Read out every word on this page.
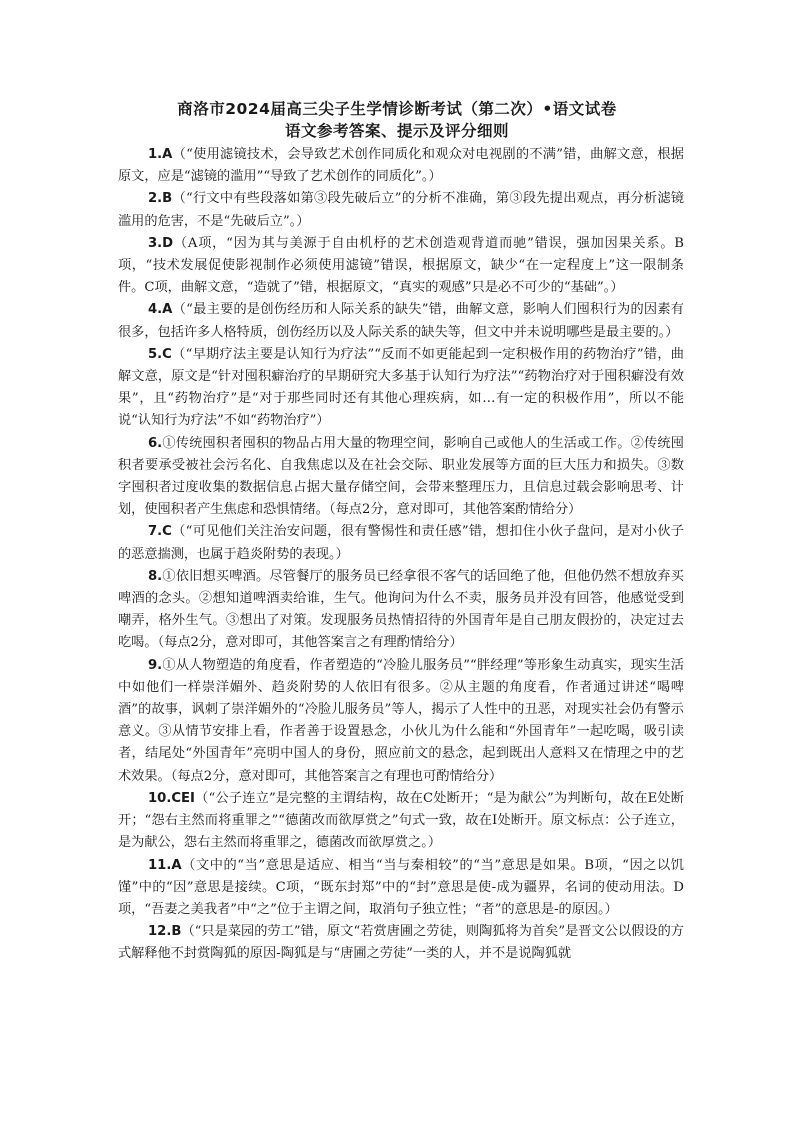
商洛市2024届高三尖子生学情诊断考试（第二次）•语文试卷
语文参考答案、提示及评分细则

1.A（“使用滤镜技术，会导致艺术创作同质化和观众对电视剧的不满”错，曲解文意，根据原文，应是“滤镜的滥用”“导致了艺术创作的同质化”。）

2.B（“行文中有些段落如第③段先破后立”的分析不准确，第③段先提出观点，再分析滤镜滥用的危害，不是“先破后立”。）

3.D（A项，“因为其与美源于自由机杼的艺术创造观背道而驰”错误，强加因果关系。B项，“技术发展促使影视制作必须使用滤镜”错误，根据原文，缺少“在一定程度上”这一限制条件。C项，曲解文意，“造就了”错，根据原文，“真实的观感”只是必不可少的“基础”。）

4.A（“最主要的是创伤经历和人际关系的缺失”错，曲解文意，影响人们囤积行为的因素有很多，包括许多人格特质，创伤经历以及人际关系的缺失等，但文中并未说明哪些是最主要的。）

5.C（“早期疗法主要是认知行为疗法”“反而不如更能起到一定积极作用的药物治疗”错，曲解文意，原文是“针对囤积癖治疗的早期研究大多基于认知行为疗法”“药物治疗对于囤积癖没有效果”，且“药物治疗”是“对于那些同时还有其他心理疾病，如…有一定的积极作用”，所以不能说“认知行为疗法”不如“药物治疗”）

6.①传统囤积者囤积的物品占用大量的物理空间，影响自己或他人的生活或工作。②传统囤积者要承受被社会污名化、自我焦虑以及在社会交际、职业发展等方面的巨大压力和损失。③数字囤积者过度收集的数据信息占据大量存储空间，会带来整理压力，且信息过载会影响思考、计划，使囤积者产生焦虑和恐惧情绪。（每点2分，意对即可，其他答案酌情给分）

7.C（“可见他们关注治安问题，很有警惕性和责任感”错，想扣住小伙子盘问，是对小伙子的恶意揣测，也属于趋炎附势的表现。）

8.①依旧想买啤酒。尽管餐厅的服务员已经拿很不客气的话回绝了他，但他仍然不想放弃买啤酒的念头。②想知道啤酒卖给谁，生气。他询问为什么不卖，服务员并没有回答，他感觉受到嘲弄，格外生气。③想出了对策。发现服务员热情招待的外国青年是自己朋友假扮的，决定过去吃喝。（每点2分，意对即可，其他答案言之有理酌情给分）

9.①从人物塑造的角度看，作者塑造的“冷脸儿服务员”“胖经理”等形象生动真实，现实生活中如他们一样崇洋媚外、趋炎附势的人依旧有很多。②从主题的角度看，作者通过讲述“喝啤酒”的故事，讽刺了崇洋媚外的“冷脸儿服务员”等人，揭示了人性中的丑恶，对现实社会仍有警示意义。③从情节安排上看，作者善于设置悬念，小伙儿为什么能和“外国青年”一起吃喝，吸引读者，结尾处“外国青年”亮明中国人的身份，照应前文的悬念，起到既出人意料又在情理之中的艺术效果。（每点2分，意对即可，其他答案言之有理也可酌情给分）

10.CEI（“公子连立”是完整的主谓结构，故在C处断开；“是为献公”为判断句，故在E处断开；“怨右主然而将重罪之”“德菌改而欲厚赏之”句式一致，故在I处断开。原文标点：公子连立，是为献公，怨右主然而将重罪之，德菌改而欲厚赏之。）

11.A（文中的“当”意思是适应、相当“当与秦相较”的“当”意思是如果。B项，“因之以饥馑”中的“因”意思是接续。C项，“既东封郑”中的“封”意思是使-成为疆界，名词的使动用法。D项，“吾妻之美我者”中“之”位于主谓之间，取消句子独立性；“者”的意思是-的原因。）

12.B（“只是菜园的劳工”错，原文“若赏唐圃之劳徒，则陶狐将为首矣”是晋文公以假设的方式解释他不封赏陶狐的原因-陶狐是与“唐圃之劳徒”一类的人，并不是说陶狐就
